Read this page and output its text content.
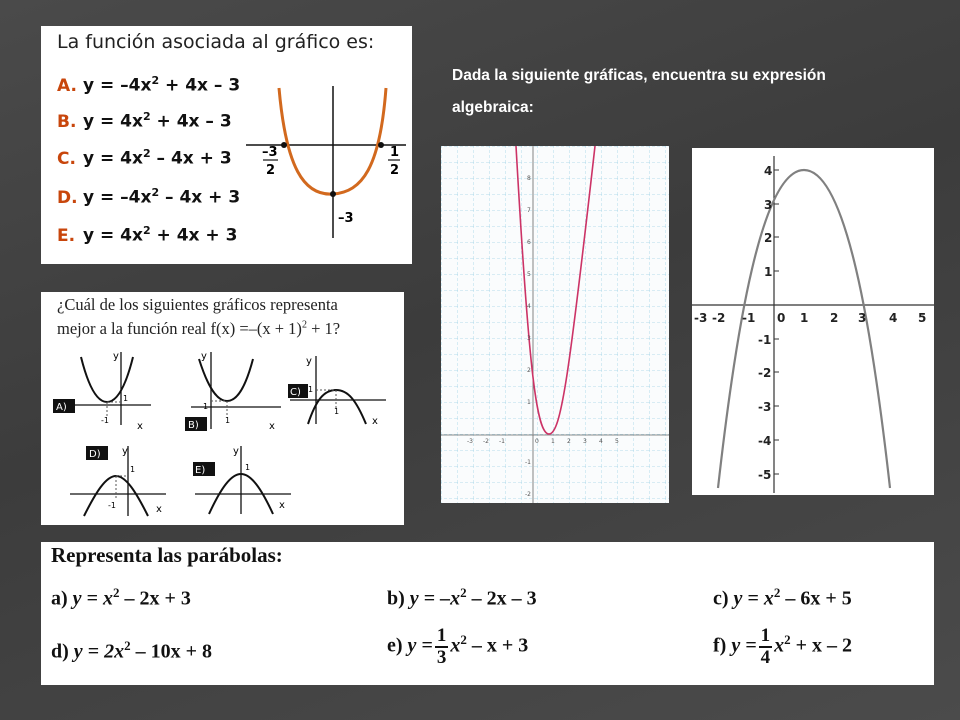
Dada la siguiente gráficas, encuentra su expresión
algebraica:
La función asociada al gráfico es:
A. $y = -4x^2 + 4x - 3$
B. $y = 4x^2 + 4x - 3$
C. $y = 4x^2 - 4x + 3$
D. $y = -4x^2 - 4x + 3$
E. $y = 4x^2 + 4x + 3$
–3
2
1
2
–3
¿Cuál de los siguientes gráficos representa
mejor a la función real $f(x) =-(x + 1)^2 + 1$?
y
x
1
-1
A)
y
x
1
1
B)
y
x
1
1
C)
y
x
1
-1
D)	y
x
1
E)
-3 -2 -1	0 1 2 3 4 5
8
7
6
5
4
3
2
1
-1
-2
-3 -2 -1 0 1 2 3 4 5
4
3
2
1
-1
-2
-3
-4
-5
Representa las parábolas:
a) $y = x^2 - 2x + 3$	b) $y = -x^2 - 2x - 3$	c) $y = x^2 - 6x + 5$
d) $y = 2x^2 - 10x + 8$	e) $y = \frac{1}{3} x^2 - x + 3$	f) $y = \frac{1}{4} x^2 + x - 2$
